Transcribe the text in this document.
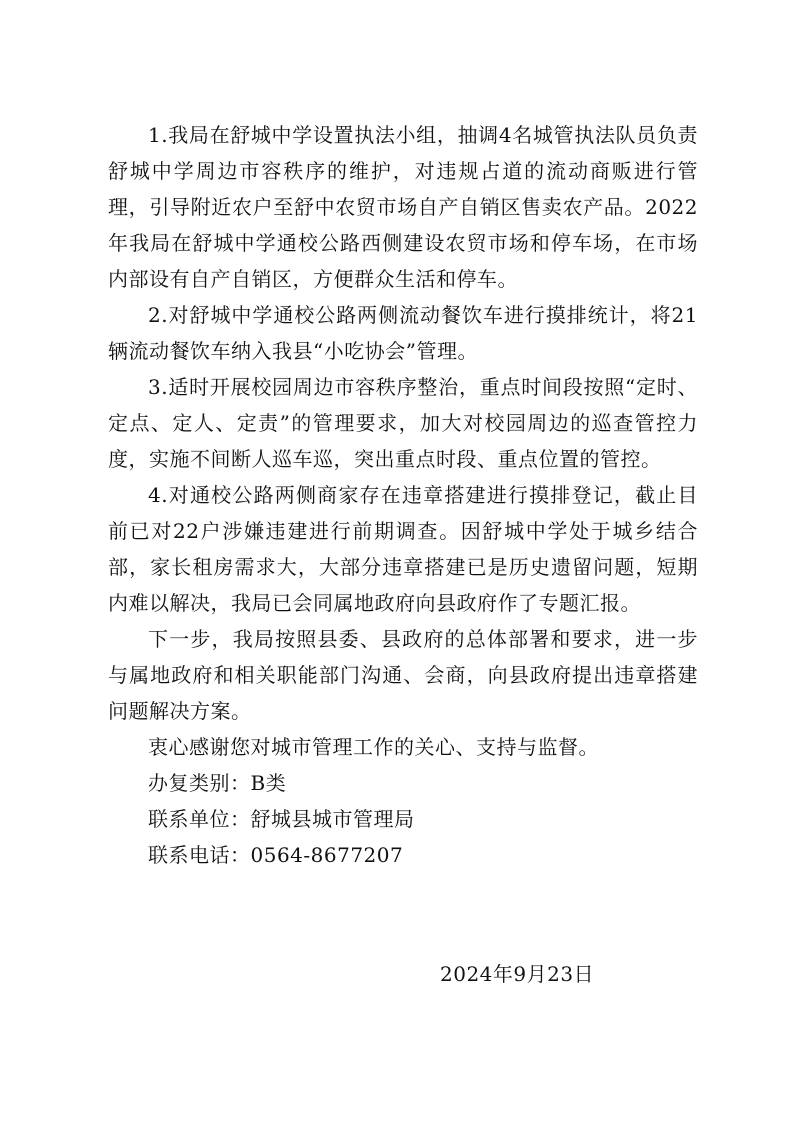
1.我局在舒城中学设置执法小组，抽调4名城管执法队员负责舒城中学周边市容秩序的维护，对违规占道的流动商贩进行管理，引导附近农户至舒中农贸市场自产自销区售卖农产品。2022年我局在舒城中学通校公路西侧建设农贸市场和停车场，在市场内部设有自产自销区，方便群众生活和停车。

2.对舒城中学通校公路两侧流动餐饮车进行摸排统计，将21辆流动餐饮车纳入我县“小吃协会”管理。

3.适时开展校园周边市容秩序整治，重点时间段按照“定时、定点、定人、定责”的管理要求，加大对校园周边的巡查管控力度，实施不间断人巡车巡，突出重点时段、重点位置的管控。

4.对通校公路两侧商家存在违章搭建进行摸排登记，截止目前已对22户涉嫌违建进行前期调查。因舒城中学处于城乡结合部，家长租房需求大，大部分违章搭建已是历史遗留问题，短期内难以解决，我局已会同属地政府向县政府作了专题汇报。

下一步，我局按照县委、县政府的总体部署和要求，进一步与属地政府和相关职能部门沟通、会商，向县政府提出违章搭建问题解决方案。

衷心感谢您对城市管理工作的关心、支持与监督。

办复类别：B类

联系单位：舒城县城市管理局

联系电话：0564-8677207

2024年9月23日
